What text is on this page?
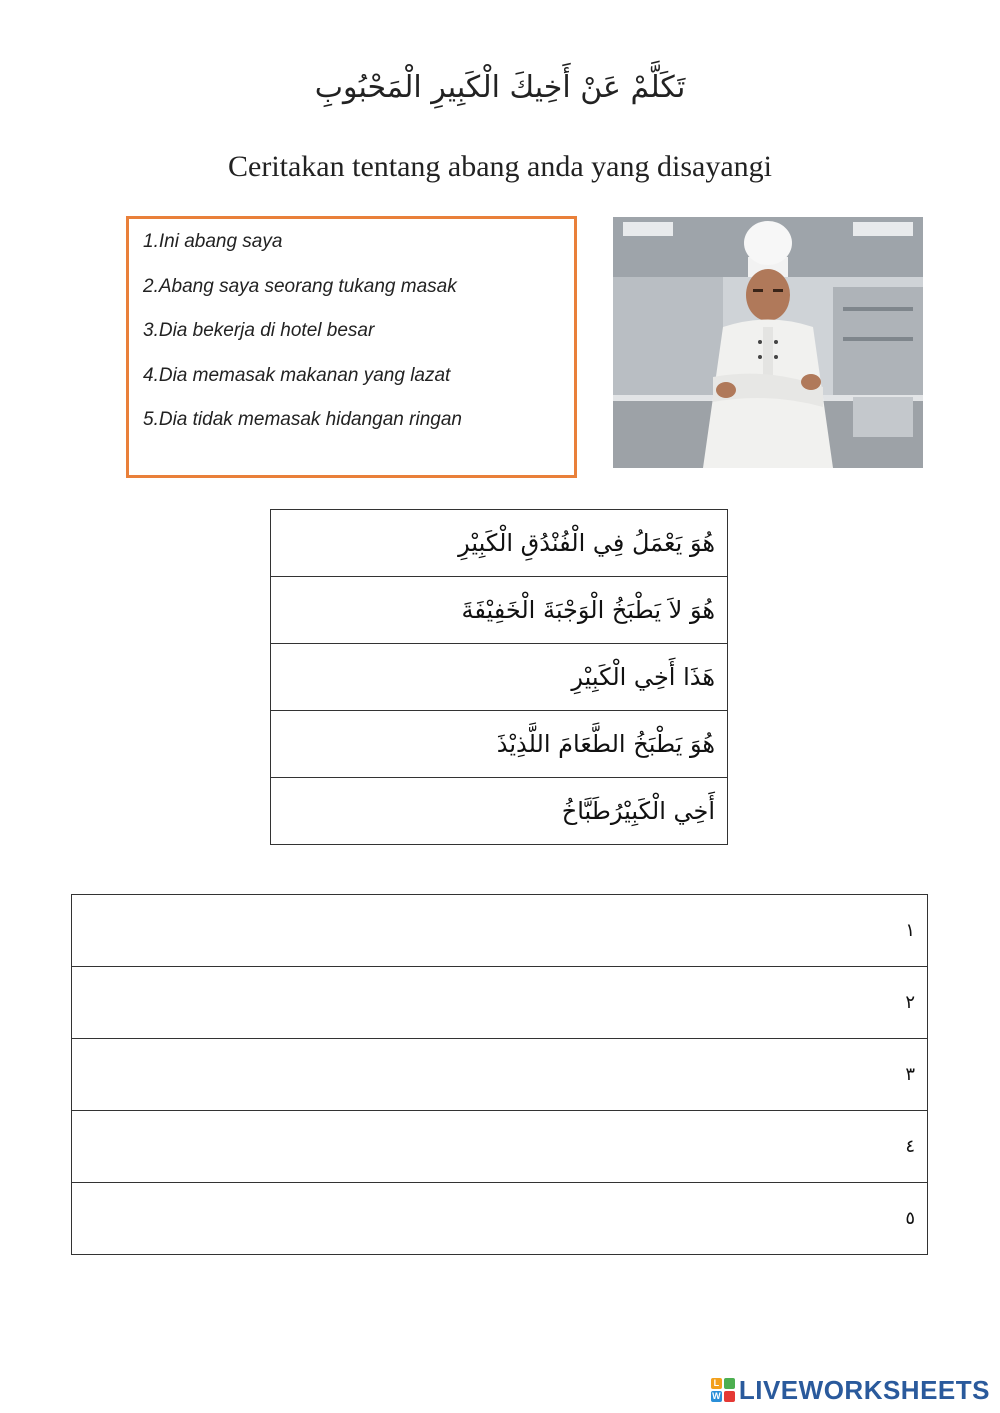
تَكَلَّمْ عَنْ أَخِيكَ الْكَبِيرِ الْمَحْبُوبِ
Ceritakan tentang abang anda yang disayangi
1.Ini abang saya
2.Abang saya seorang tukang masak
3.Dia bekerja di hotel besar
4.Dia memasak makanan yang lazat
5.Dia tidak memasak hidangan ringan
هُوَ يَعْمَلُ فِي الْفُنْدُقِ الْكَبِيْرِ
هُوَ لاَ يَطْبَخُ الْوَجْبَةَ الْخَفِيْفَةَ
هَذَا أَخِي الْكَبِيْرِ
هُوَ يَطْبَخُ الطَّعَامَ اللَّذِيْذَ
أَخِي الْكَبِيْرُطَبَّاخُ
١
٢
٣
٤
٥
L
W LIVEWORKSHEETS
